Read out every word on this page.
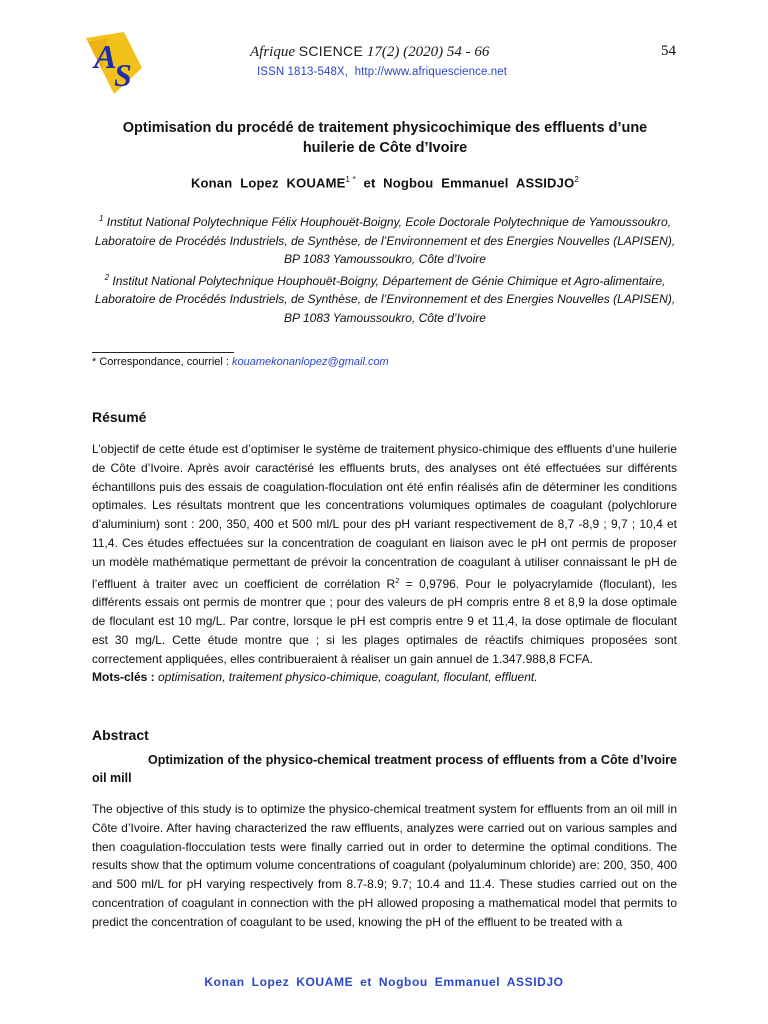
A
S
Afrique SCIENCE 17(2) (2020) 54 - 66	54
ISSN 1813-548X, http://www.afriquescience.net
Optimisation du procédé de traitement physicochimique des effluents d’une
huilerie de Côte d’Ivoire
Konan Lopez $KOUAME^{1 *}$ et Nogbou Emmanuel ASSIDJO$^2$
$^1$ Institut National Polytechnique Félix Houphouët-Boigny, Ecole Doctorale Polytechnique de Yamoussoukro,
Laboratoire de Procédés Industriels, de Synthèse, de l’Environnement et des Energies Nouvelles (LAPISEN),
BP 1083 Yamoussoukro, Côte d’Ivoire
$^2$ Institut National Polytechnique Houphouët-Boigny, Département de Génie Chimique et Agro-alimentaire,
Laboratoire de Procédés Industriels, de Synthèse, de l’Environnement et des Energies Nouvelles (LAPISEN),
BP 1083 Yamoussoukro, Côte d’Ivoire
* Correspondance, courriel : kouamekonanlopez@gmail.com
Résumé

L’objectif de cette étude est d’optimiser le système de traitement physico-chimique des effluents d’une huilerie de Côte d’Ivoire. Après avoir caractérisé les effluents bruts, des analyses ont été effectuées sur différents échantillons puis des essais de coagulation-floculation ont été enfin réalisés afin de déterminer les conditions optimales. Les résultats montrent que les concentrations volumiques optimales de coagulant (polychlorure d’aluminium) sont : 200, 350, 400 et 500 ml/L pour des pH variant respectivement de 8,7 -8,9 ; 9,7 ; 10,4 et 11,4. Ces études effectuées sur la concentration de coagulant en liaison avec le pH ont permis de proposer un modèle mathématique permettant de prévoir la concentration de coagulant à utiliser connaissant le pH de l’effluent à traiter avec un coefficient de corrélation $R^2 = 0,9796$. Pour le polyacrylamide (floculant), les différents essais ont permis de montrer que ; pour des valeurs de pH compris entre 8 et 8,9 la dose optimale de floculant est 10 mg/L. Par contre, lorsque le pH est compris entre 9 et 11,4, la dose optimale de floculant est 30 mg/L. Cette étude montre que ; si les plages optimales de réactifs chimiques proposées sont correctement appliquées, elles contribueraient à réaliser un gain annuel de 1.347.988,8 FCFA.

Mots-clés : optimisation, traitement physico-chimique, coagulant, floculant, effluent.
Abstract

Optimization of the physico-chemical treatment process of effluents from a Côte d’Ivoire oil mill

The objective of this study is to optimize the physico-chemical treatment system for effluents from an oil mill in Côte d’Ivoire. After having characterized the raw effluents, analyzes were carried out on various samples and then coagulation-flocculation tests were finally carried out in order to determine the optimal conditions. The results show that the optimum volume concentrations of coagulant (polyaluminum chloride) are: 200, 350, 400 and 500 ml/L for pH varying respectively from 8.7-8.9; 9.7; 10.4 and 11.4. These studies carried out on the concentration of coagulant in connection with the pH allowed proposing a mathematical model that permits to predict the concentration of coagulant to be used, knowing the pH of the effluent to be treated with a

Konan Lopez KOUAME et Nogbou Emmanuel ASSIDJO
